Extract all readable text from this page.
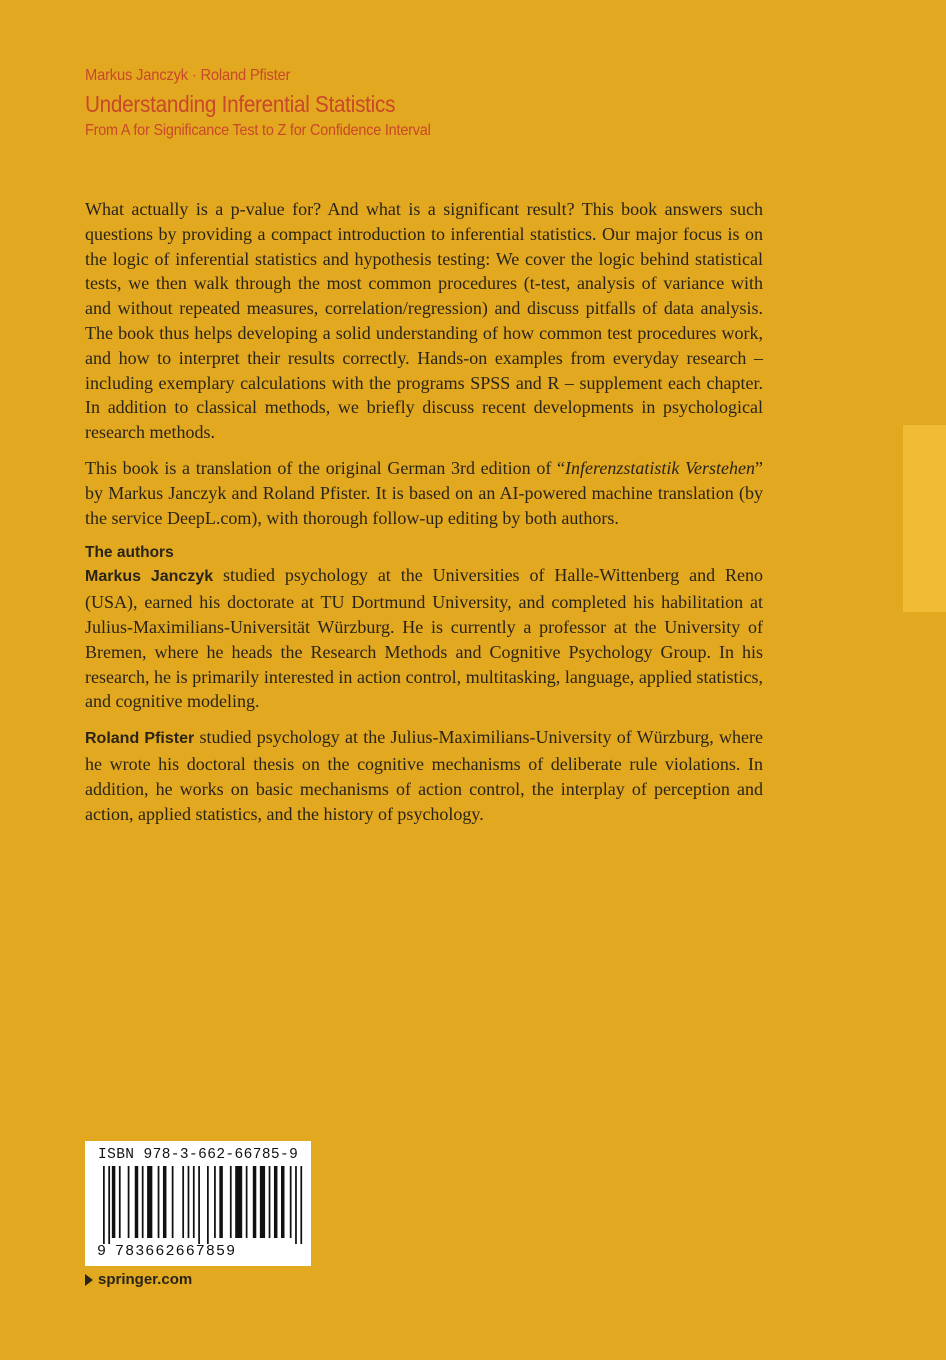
Markus Janczyk · Roland Pfister
Understanding Inferential Statistics
From A for Significance Test to Z for Confidence Interval

What actually is a p-value for? And what is a significant result? This book answers such questions by providing a compact introduction to inferential statistics. Our major focus is on the logic of inferential statistics and hypothesis testing: We cover the logic behind statistical tests, we then walk through the most common procedures (t-test, analysis of variance with and without repeated measures, correlation/regression) and discuss pitfalls of data analysis. The book thus helps developing a solid understanding of how common test procedures work, and how to interpret their results correctly. Hands-on examples from everyday research – including exemplary calculations with the programs SPSS and R – supplement each chapter. In addition to classical methods, we briefly discuss recent developments in psychological research methods.

This book is a translation of the original German 3rd edition of “Inferenzstatistik Verstehen” by Markus Janczyk and Roland Pfister. It is based on an AI-powered machine translation (by the service DeepL.com), with thorough follow-up editing by both authors.

The authors

Markus Janczyk studied psychology at the Universities of Halle-Wittenberg and Reno (USA), earned his doctorate at TU Dortmund University, and completed his habilitation at Julius-Maximilians-Universität Würzburg. He is currently a professor at the University of Bremen, where he heads the Research Methods and Cognitive Psychology Group. In his research, he is primarily interested in action control, multitasking, language, applied statistics, and cognitive modeling.

Roland Pfister studied psychology at the Julius-Maximilians-University of Würzburg, where he wrote his doctoral thesis on the cognitive mechanisms of deliberate rule violations. In addition, he works on basic mechanisms of action control, the interplay of perception and action, applied statistics, and the history of psychology.

ISBN 978-3-662-66785-9
9 783662667859
springer.com
